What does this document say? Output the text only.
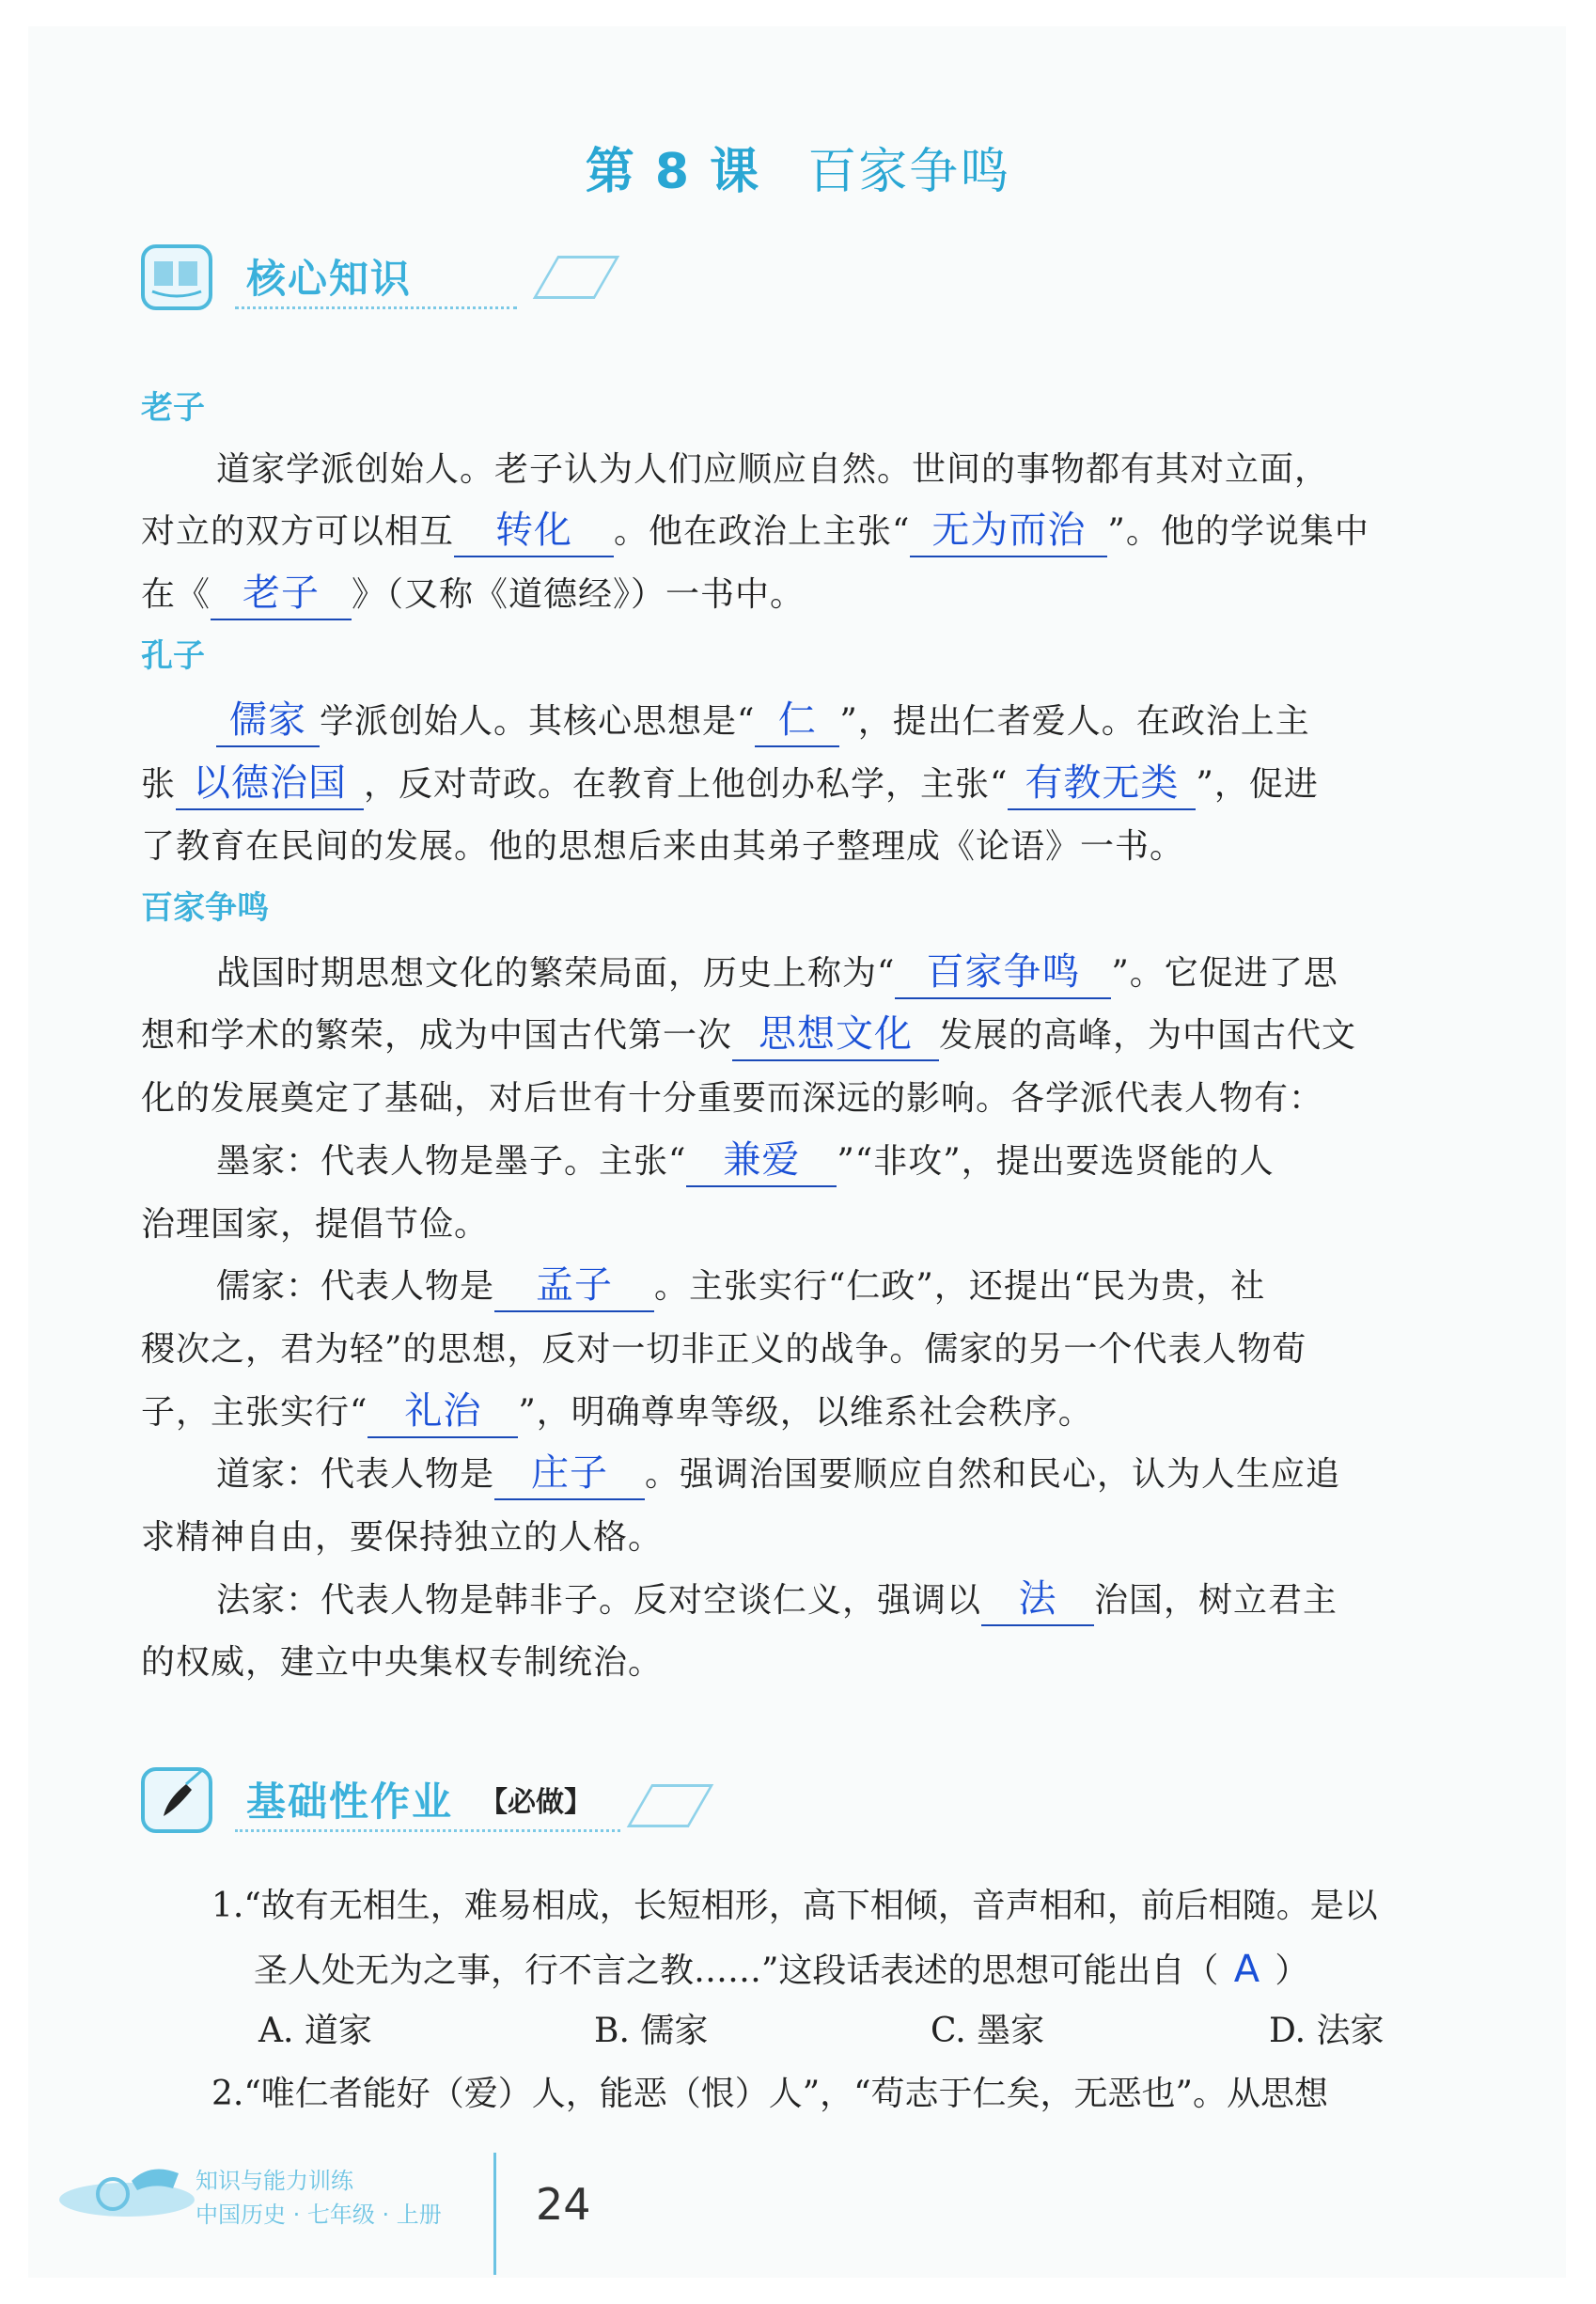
第 8 课 百家争鸣
核心知识
老子
道家学派创始人。老子认为人们应顺应自然。世间的事物都有其对立面，
对立的双方可以相互 转化 。他在政治上主张“ 无为而治 ”。他的学说集中
在《 老子 》（又称《道德经》）一书中。
孔子
儒家 学派创始人。其核心思想是“ 仁 ”，提出仁者爱人。在政治上主
张 以德治国 ，反对苛政。在教育上他创办私学，主张“ 有教无类 ”，促进
了教育在民间的发展。他的思想后来由其弟子整理成《论语》一书。
百家争鸣
战国时期思想文化的繁荣局面，历史上称为“ 百家争鸣 ”。它促进了思
想和学术的繁荣，成为中国古代第一次 思想文化 发展的高峰，为中国古代文
化的发展奠定了基础，对后世有十分重要而深远的影响。各学派代表人物有：
墨家：代表人物是墨子。主张“ 兼爱 ”“非攻”，提出要选贤能的人
治理国家，提倡节俭。
儒家：代表人物是 孟子 。主张实行“仁政”，还提出“民为贵，社
稷次之，君为轻”的思想，反对一切非正义的战争。儒家的另一个代表人物荀
子，主张实行“ 礼治 ”，明确尊卑等级，以维系社会秩序。
道家：代表人物是 庄子 。强调治国要顺应自然和民心，认为人生应追
求精神自由，要保持独立的人格。
法家：代表人物是韩非子。反对空谈仁义，强调以 法 治国，树立君主
的权威，建立中央集权专制统治。
基础性作业 【必做】
1.“故有无相生，难易相成，长短相形，高下相倾，音声相和，前后相随。是以
圣人处无为之事，行不言之教……”这段话表述的思想可能出自（ A ）
A. 道家	B. 儒家	C. 墨家	D. 法家
2.“唯仁者能好（爱）人，能恶（恨）人”，“苟志于仁矣，无恶也”。从思想
知识与能力训练
中国历史 · 七年级 · 上册 24
